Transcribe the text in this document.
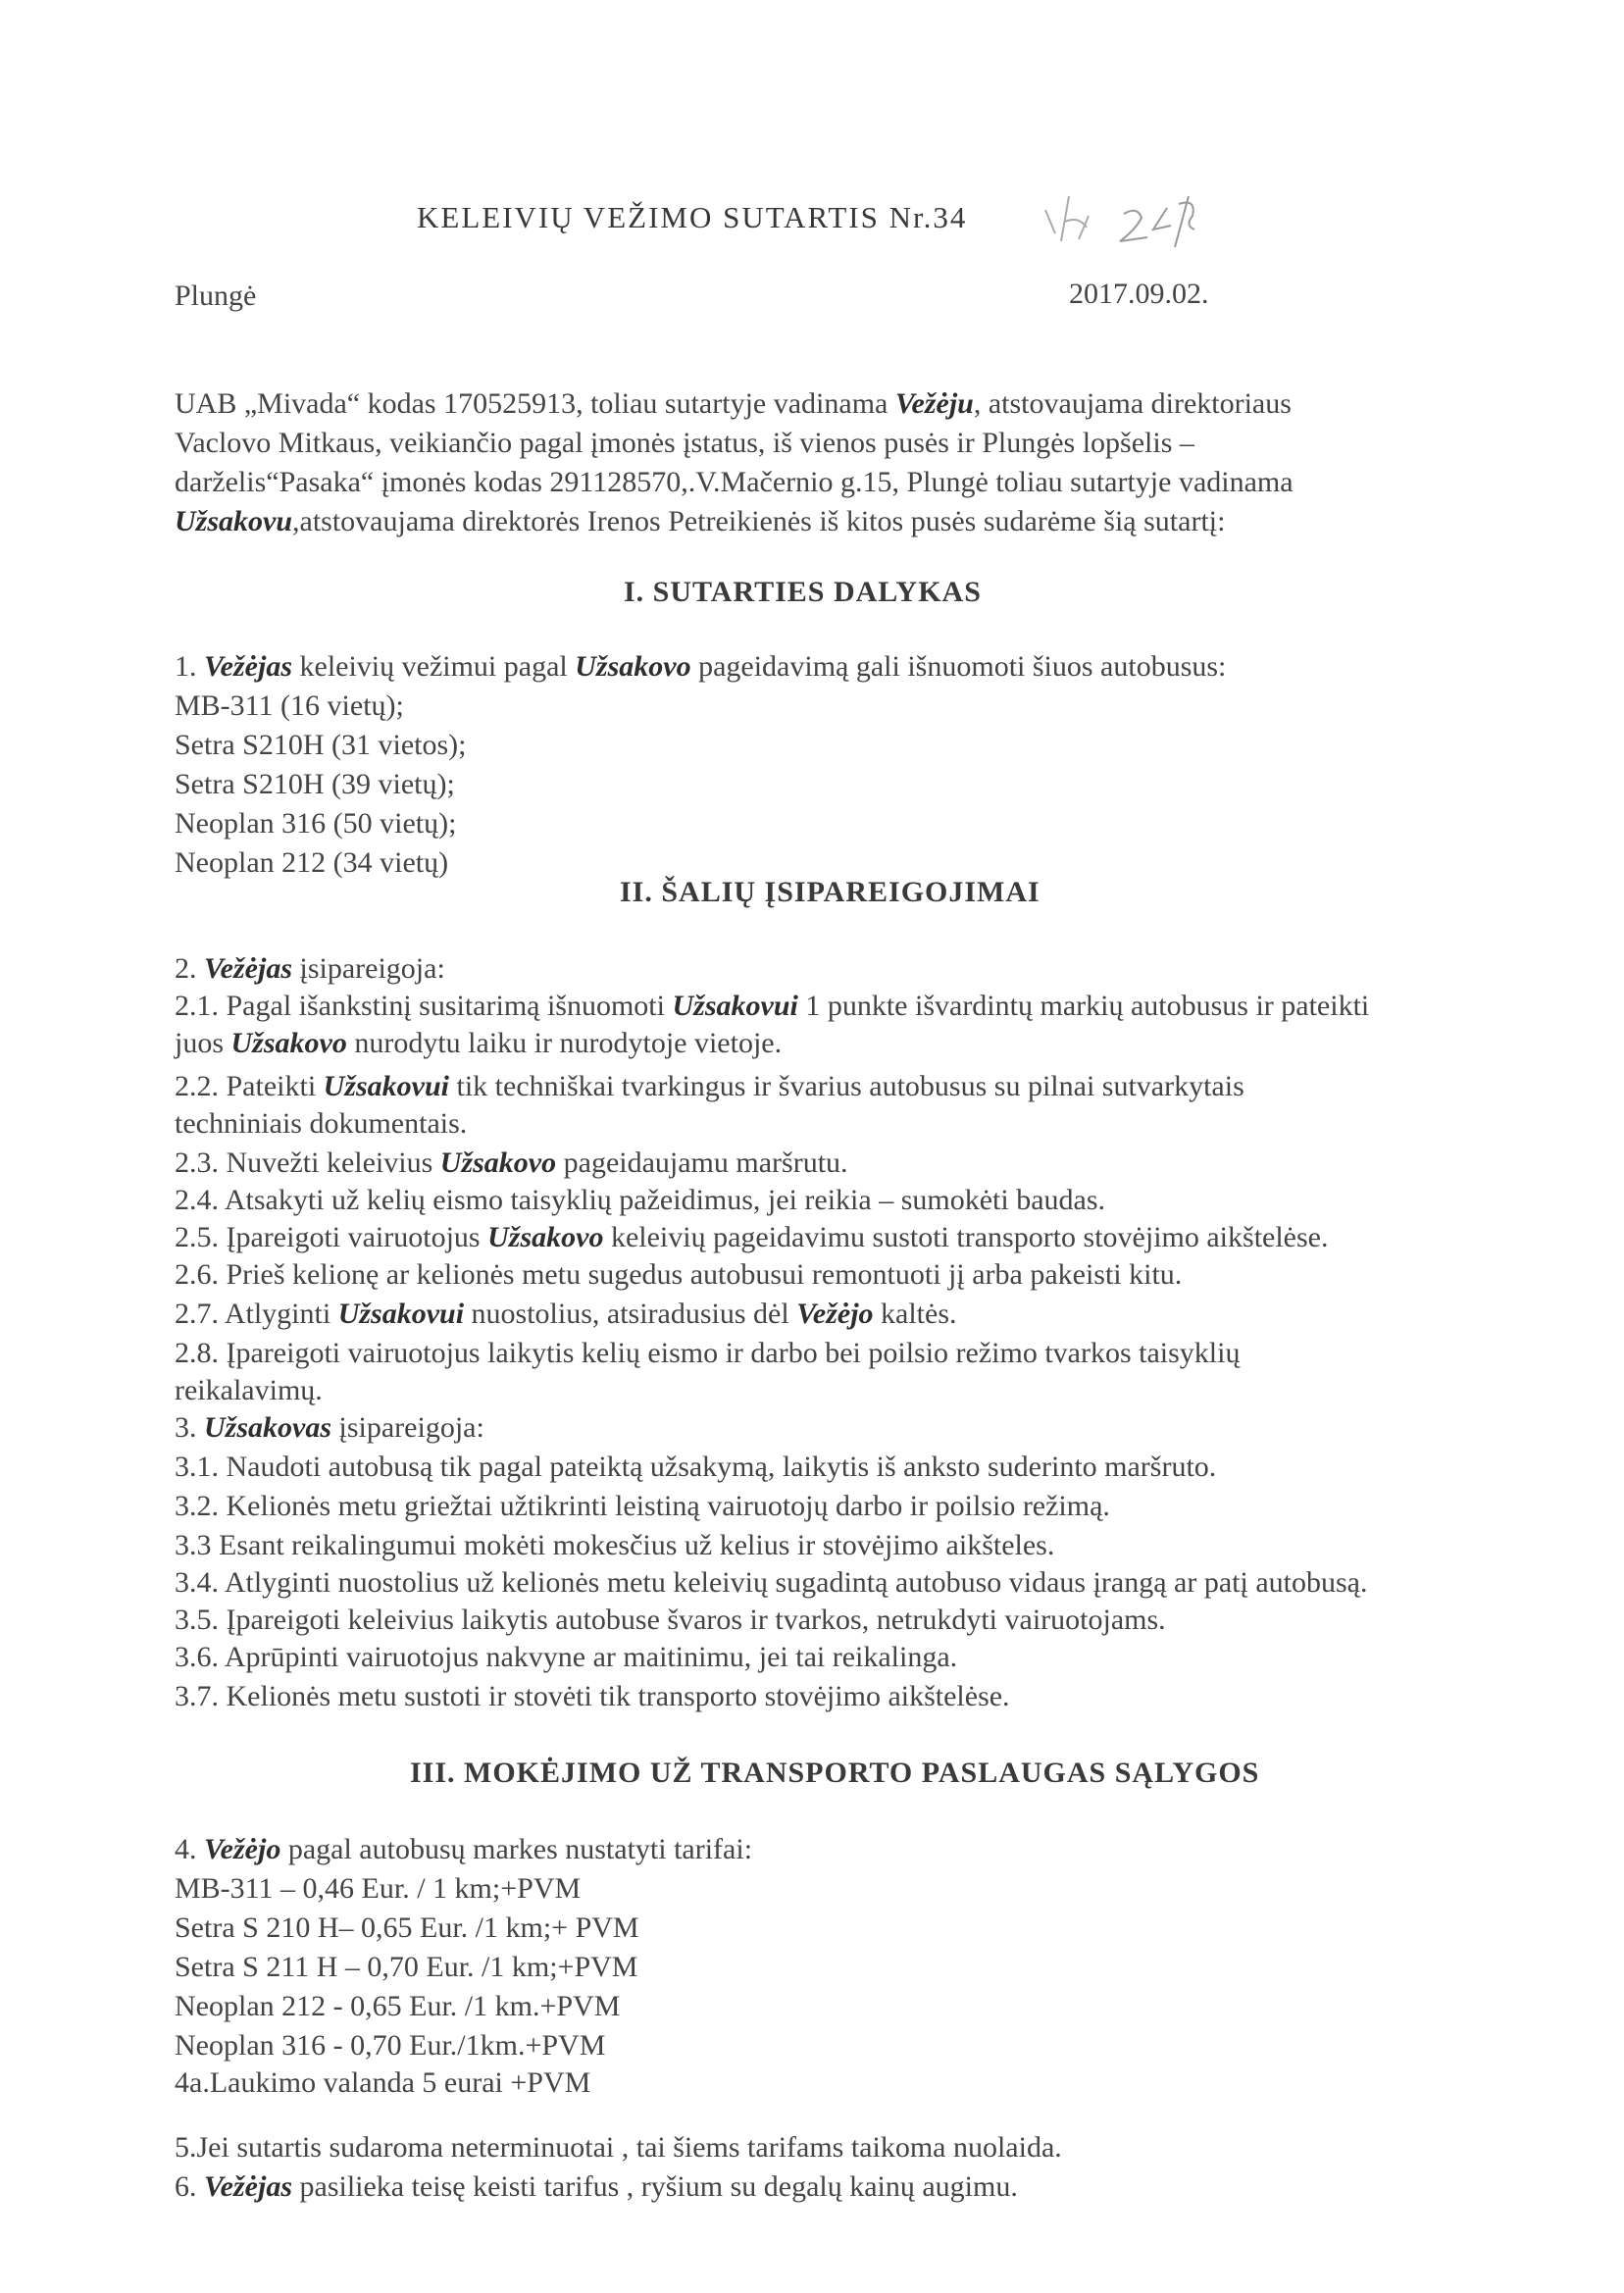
KELEIVIŲ VEŽIMO SUTARTIS Nr.34
Plungė	2017.09.02.
UAB „Mivada“ kodas 170525913, toliau sutartyje vadinama Vežėju, atstovaujama direktoriaus
Vaclovo Mitkaus, veikiančio pagal įmonės įstatus, iš vienos pusės ir Plungės lopšelis –
darželis“Pasaka“ įmonės kodas 291128570,.V.Mačernio g.15, Plungė toliau sutartyje vadinama
Užsakovu,atstovaujama direktorės Irenos Petreikienės iš kitos pusės sudarėme šią sutartį:
I. SUTARTIES DALYKAS
1. Vežėjas keleivių vežimui pagal Užsakovo pageidavimą gali išnuomoti šiuos autobusus:
MB-311 (16 vietų);
Setra S210H (31 vietos);
Setra S210H (39 vietų);
Neoplan 316 (50 vietų);
Neoplan 212 (34 vietų)
II. ŠALIŲ ĮSIPAREIGOJIMAI
2. Vežėjas įsipareigoja:
2.1. Pagal išankstinį susitarimą išnuomoti Užsakovui 1 punkte išvardintų markių autobusus ir pateikti
juos Užsakovo nurodytu laiku ir nurodytoje vietoje.
2.2. Pateikti Užsakovui tik techniškai tvarkingus ir švarius autobusus su pilnai sutvarkytais
techniniais dokumentais.
2.3. Nuvežti keleivius Užsakovo pageidaujamu maršrutu.
2.4. Atsakyti už kelių eismo taisyklių pažeidimus, jei reikia – sumokėti baudas.
2.5. Įpareigoti vairuotojus Užsakovo keleivių pageidavimu sustoti transporto stovėjimo aikštelėse.
2.6. Prieš kelionę ar kelionės metu sugedus autobusui remontuoti jį arba pakeisti kitu.
2.7. Atlyginti Užsakovui nuostolius, atsiradusius dėl Vežėjo kaltės.
2.8. Įpareigoti vairuotojus laikytis kelių eismo ir darbo bei poilsio režimo tvarkos taisyklių
reikalavimų.
3. Užsakovas įsipareigoja:
3.1. Naudoti autobusą tik pagal pateiktą užsakymą, laikytis iš anksto suderinto maršruto.
3.2. Kelionės metu griežtai užtikrinti leistiną vairuotojų darbo ir poilsio režimą.
3.3 Esant reikalingumui mokėti mokesčius už kelius ir stovėjimo aikšteles.
3.4. Atlyginti nuostolius už kelionės metu keleivių sugadintą autobuso vidaus įrangą ar patį autobusą.
3.5. Įpareigoti keleivius laikytis autobuse švaros ir tvarkos, netrukdyti vairuotojams.
3.6. Aprūpinti vairuotojus nakvyne ar maitinimu, jei tai reikalinga.
3.7. Kelionės metu sustoti ir stovėti tik transporto stovėjimo aikštelėse.
III. MOKĖJIMO UŽ TRANSPORTO PASLAUGAS SĄLYGOS
4. Vežėjo pagal autobusų markes nustatyti tarifai:
MB-311 – 0,46 Eur. / 1 km;+PVM
Setra S 210 H– 0,65 Eur. /1 km;+ PVM
Setra S 211 H – 0,70 Eur. /1 km;+PVM
Neoplan 212 - 0,65 Eur. /1 km.+PVM
Neoplan 316 - 0,70 Eur./1km.+PVM
4a.Laukimo valanda 5 eurai +PVM
5.Jei sutartis sudaroma neterminuotai , tai šiems tarifams taikoma nuolaida.
6. Vežėjas pasilieka teisę keisti tarifus , ryšium su degalų kainų augimu.
